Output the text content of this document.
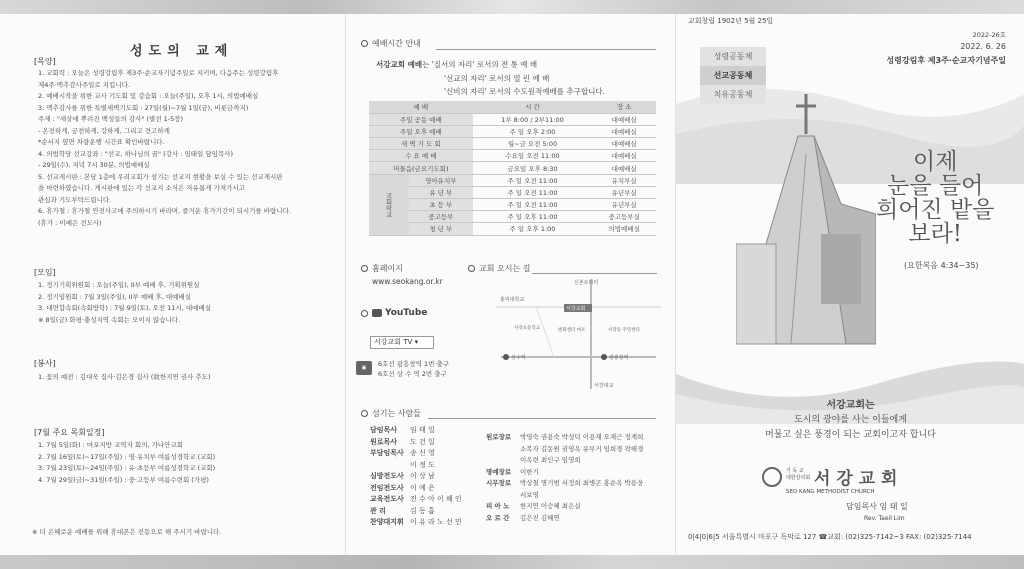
성도의 교제
[목양]
1. 교회력 : 오늘은 성령강림후 제3주·순교자기념주일로 지키며, 다음주는 성령강림후
제4주·맥추감사주일로 지킵니다.
2. 예배시작을 위한 교사 기도회 및 강습회 : 오늘(주일), 오후 1시, 의법예배실
3. 맥추감사를 위한 특별새벽기도회 : 27일(월)~7월 1일(금), 비롯금까지)
주제 : "세상에 뿌려진 백성들의 감사" (별전 1-5장)
- 온전하게, 궁전하게, 강하게, 그리고 견고하게
*순서지 옆면 차량운행 시간표 확인바랍니다.
4. 의법학당 선교강좌 : "선교, 하나님의 꿈" (강사 : 임태일 담임목사)
- 29일(수), 저녁 7시 30분, 의법예배실
5. 선교게시판 : 본당 1층에 우리교회가 섬기는 선교지 현황을 보실 수 있는 선교게시판
을 마련하였습니다. 게시판에 있는 각 선교지 소식은 자유롭게 가져가시고
관심과 기도부탁드립니다.
6. 휴가철 : 휴가철 안전사고에 주의하시기 바라며, 즐거운 휴가기간이 되시기를 바랍니다.
(휴가 : 이예은 전도사)
[모임]
1. 정기기획위원회 : 오늘(주일), II부 예배 후, 기획위원실
2. 정기임원회 : 7월 3일(주일), II부 예배 후, 대예배실
3. 대면합속회(속회방학) : 7월 9일(토), 오전 11시, 대예배실
※ 8일(금) 화평·충성지역 속회는 모이지 않습니다.
[봉사]
1. 꽃의 예전 : 김대욱 집사·김은경 집사 (故한지연 권사 추도)
[7월 주요 목회일정]
1. 7월 5일(화) : 마포지방 교역자 회의, 가나안교회
2. 7월 16일(토)~17일(주일) : 영·유치부 여름성경학교 (교회)
3. 7월 23일(토)~24일(주일) : 유·초등부 여름성경학교 (교회)
4. 7월 29일(금)~31일(주일) : 중·고등부 여름수련회 (가평)
※ 더 은혜로운 예배를 위해 휴대폰은 진동으로 해 주시기 바랍니다.
예배시간 안내
서강교회 예배는 '질서의 자리' 로서의 전 통 예 배
'선교의 자리' 로서의 열 린 예 배
'신비의 자리' 로서의 수도원적예배를 추구합니다.
예 배		시 간	장 소
주일 공동 예배		1부 8:00 / 2부11:00	대예배실
주일 오후 예배		주 일 오후 2:00	대예배실
새 벽 기 도 회		월~금 오전 5:00	대예배실
수 요 예 배		수요일 오전 11:00	대예배실
머물음(금요기도회)		금요일 오후 8:30	대예배실
교회학교	영아유치부	주 일 오전 11:00	유치부실
	유 년 부	주 일 오전 11:00	유년부실
	초 등 부	주 일 오전 11:00	유년부실
	중고등부	주 일 오후 11:00	중고등부실
	청 년 부	주 일 오후 1:00	의법예배실
홈페이지
www.seokang.or.kr
교회 오시는 길
YouTube
서강교회 TV ▾
▣	6호선 광흥창역 1번 출구
6호선 상 수 역 2번 출구
신촌로터리
홍익대학교
서강교회
서강초등학교	변화센터 마포	서강동 주민센터
상수역	광흥창역
서강대교
섬기는 사람들
담임목사 임 태 일
원로목사 도 건 일
부담임목사 송 신 영
이 정 도
심방전도사 이 상 남
전임전도사 이 예 은
교육전도사 전 수 아 이 혜 인
관 리	김 동 흡
찬양대지휘 이 유 라 노 선 민
원로장로 박영숙 권용숙 박성덕 이용재 오재근 정계희
소복자 김동원 권영옥 유부거 임희경 곽해경
이옥련 최인구 임영희
명예장로 이한기
시무장로 박상철 명기범 서정희 최병곤 홍순옥 박용웅
서보영
피 아 노 한지연 이승혜 최은실
오 르 간 김은진 김혜연
교회창립 1902년 5월 25일
2022-26호
2022. 6. 26
성령강림후 제3주·순교자기념주일
성령공동체
선교공동체
치유공동체
이제
눈을 들어
희어진 밭을
보라!
(요한복음 4:34~35)
서강교회는
도시의 광야를 사는 이들에게
머물고 싶은 풍경이 되는 교회이고자 합니다
기 독 교
대한감리회 서 강 교 회
SEO KANG METHODIST CHURCH
담임목사 임 태 일
Rev. Taeil Lim
0|4|0|6|5 서울특별시 마포구 독막로 127 ☎교회: (02)325-7142~3 FAX: (02)325-7144
